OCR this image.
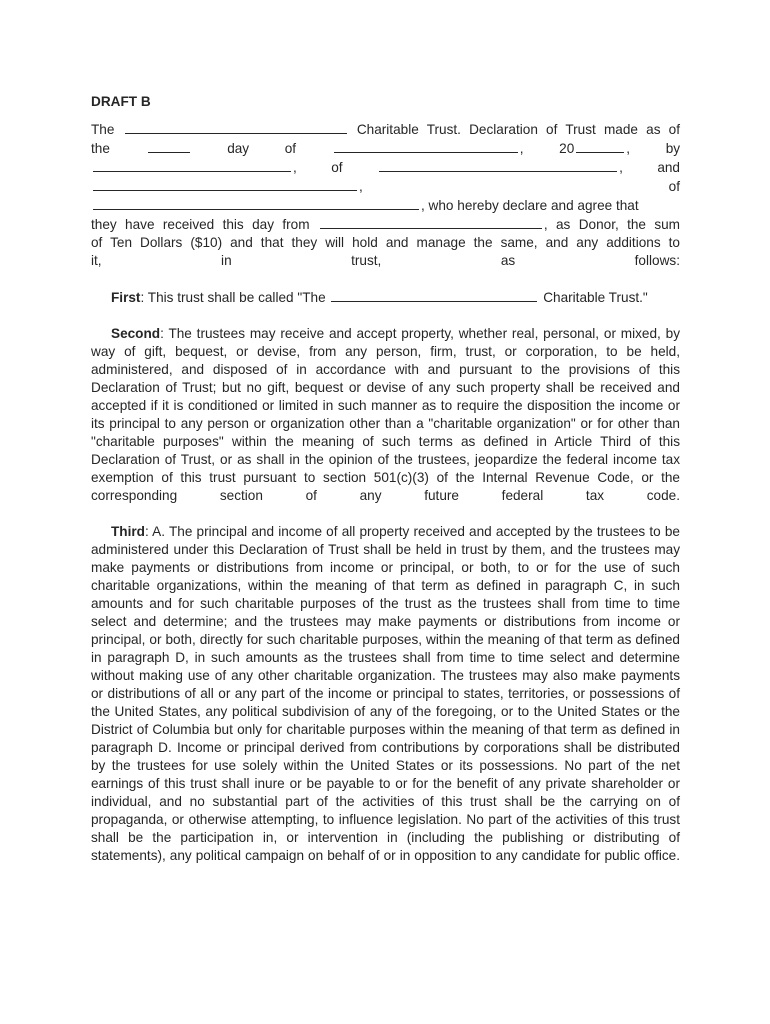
DRAFT B
The	Charitable Trust. Declaration of Trust made as of
the	day	of	,	20	,	by
,	of	,	and
,	of
, who hereby declare and agree that
they have received this day from	, as Donor, the sum
of Ten Dollars ($10) and that they will hold and manage the same, and any additions to
it, in trust, as follows:
First: This trust shall be called "The	Charitable Trust."
Second: The trustees may receive and accept property, whether real, personal, or mixed, by way of gift, bequest, or devise, from any person, firm, trust, or corporation, to be held, administered, and disposed of in accordance with and pursuant to the provisions of this Declaration of Trust; but no gift, bequest or devise of any such property shall be received and accepted if it is conditioned or limited in such manner as to require the disposition the income or its principal to any person or organization other than a "charitable organization" or for other than "charitable purposes" within the meaning of such terms as defined in Article Third of this Declaration of Trust, or as shall in the opinion of the trustees, jeopardize the federal income tax exemption of this trust pursuant to section 501(c)(3) of the Internal Revenue Code, or the corresponding section of any future federal tax code.
Third: A. The principal and income of all property received and accepted by the trustees to be administered under this Declaration of Trust shall be held in trust by them, and the trustees may make payments or distributions from income or principal, or both, to or for the use of such charitable organizations, within the meaning of that term as defined in paragraph C, in such amounts and for such charitable purposes of the trust as the trustees shall from time to time select and determine; and the trustees may make payments or distributions from income or principal, or both, directly for such charitable purposes, within the meaning of that term as defined in paragraph D, in such amounts as the trustees shall from time to time select and determine without making use of any other charitable organization. The trustees may also make payments or distributions of all or any part of the income or principal to states, territories, or possessions of the United States, any political subdivision of any of the foregoing, or to the United States or the District of Columbia but only for charitable purposes within the meaning of that term as defined in paragraph D. Income or principal derived from contributions by corporations shall be distributed by the trustees for use solely within the United States or its possessions. No part of the net earnings of this trust shall inure or be payable to or for the benefit of any private shareholder or individual, and no substantial part of the activities of this trust shall be the carrying on of propaganda, or otherwise attempting, to influence legislation. No part of the activities of this trust shall be the participation in, or intervention in (including the publishing or distributing of statements), any political campaign on behalf of or in opposition to any candidate for public office.
